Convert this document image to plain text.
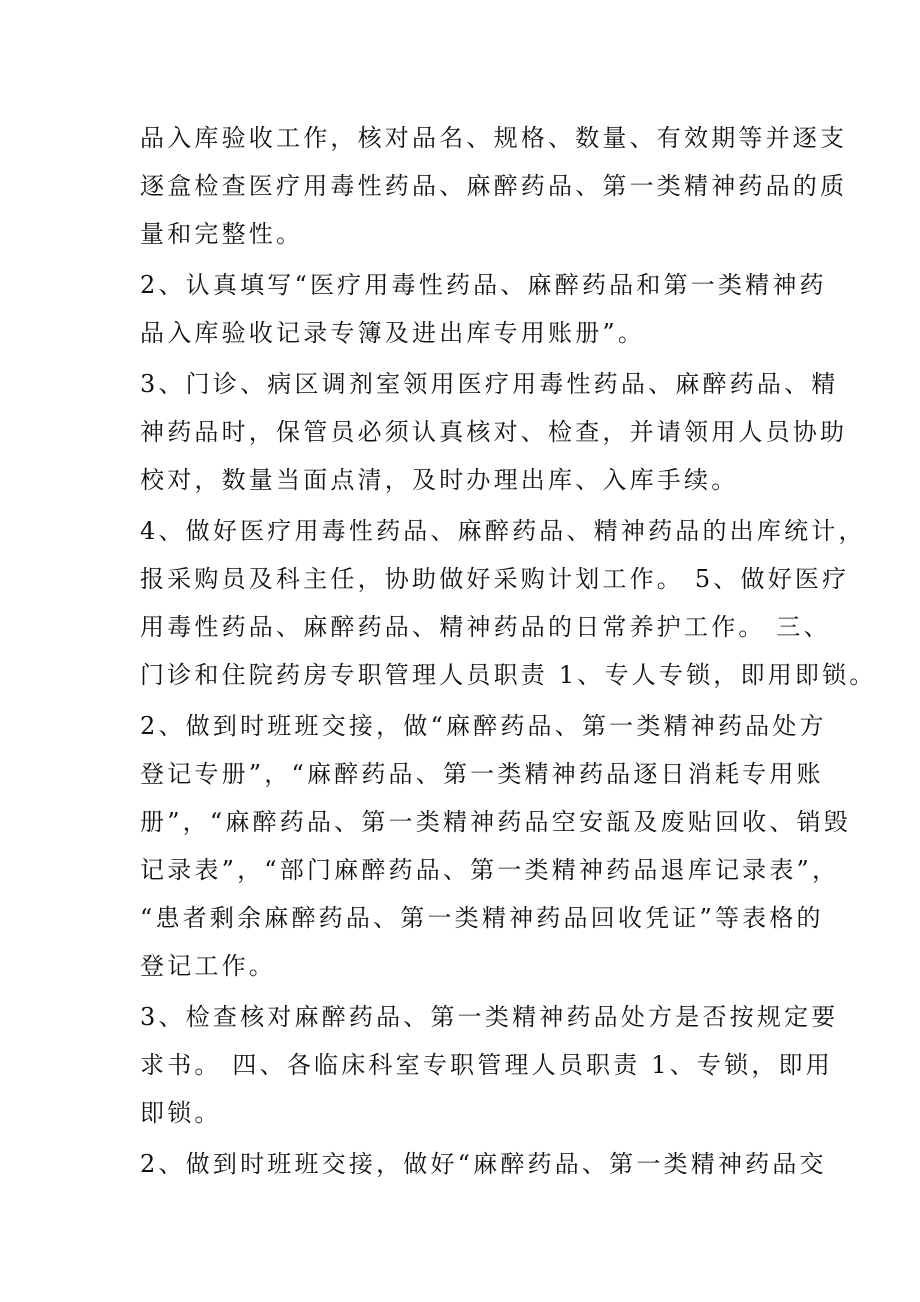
品入库验收工作，核对品名、规格、数量、有效期等并逐支
逐盒检查医疗用毒性药品、麻醉药品、第一类精神药品的质
量和完整性。
2、认真填写“医疗用毒性药品、麻醉药品和第一类精神药
品入库验收记录专簿及进出库专用账册”。
3、门诊、病区调剂室领用医疗用毒性药品、麻醉药品、精
神药品时，保管员必须认真核对、检查，并请领用人员协助
校对，数量当面点清，及时办理出库、入库手续。
4、做好医疗用毒性药品、麻醉药品、精神药品的出库统计，
报采购员及科主任，协助做好采购计划工作。 5、做好医疗
用毒性药品、麻醉药品、精神药品的日常养护工作。 三、
门诊和住院药房专职管理人员职责 1、专人专锁，即用即锁。
2、做到时班班交接，做“麻醉药品、第一类精神药品处方
登记专册”，“麻醉药品、第一类精神药品逐日消耗专用账
册”，“麻醉药品、第一类精神药品空安瓿及废贴回收、销毁
记录表”，“部门麻醉药品、第一类精神药品退库记录表”，
“患者剩余麻醉药品、第一类精神药品回收凭证”等表格的
登记工作。
3、检查核对麻醉药品、第一类精神药品处方是否按规定要
求书。 四、各临床科室专职管理人员职责 1、专锁，即用
即锁。
2、做到时班班交接，做好“麻醉药品、第一类精神药品交
